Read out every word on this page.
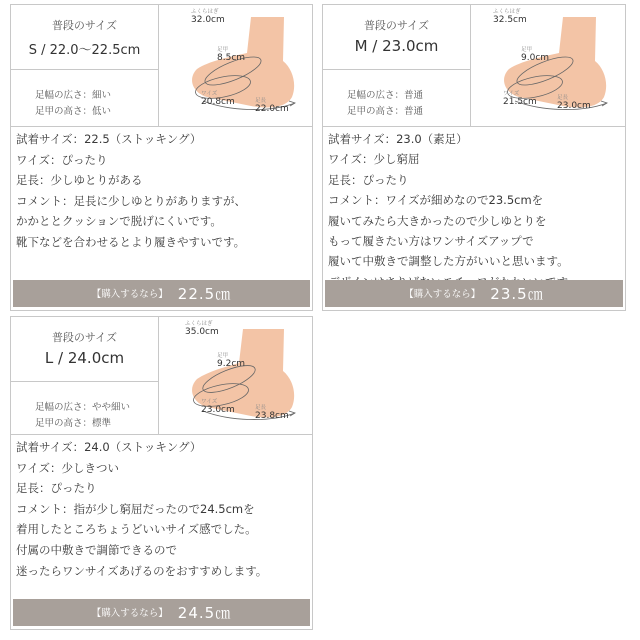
普段のサイズ
S / 22.0〜22.5cm
足幅の広さ：細い
足甲の高さ：低い
ふくらはぎ
32.0cm
足甲
8.5cm
ワイズ
20.8cm	足長
22.0cm
試着サイズ：22.5（ストッキング）
ワイズ：ぴったり
足長：少しゆとりがある
コメント：足長に少しゆとりがありますが、
かかととクッションで脱げにくいです。
靴下などを合わせるとより履きやすいです。
【購入するなら】 22.5㎝
普段のサイズ
M / 23.0cm
足幅の広さ：普通
足甲の高さ：普通
ふくらはぎ
32.5cm
足甲
9.0cm
ワイズ
21.5cm	足長
23.0cm
試着サイズ：23.0（素足）
ワイズ：少し窮屈
足長：ぴったり
コメント：ワイズが細めなので23.5cmを
履いてみたら大きかったので少しゆとりを
もって履きたい方はワンサイズアップで
履いて中敷きで調整した方がいいと思います。
【購入するなら】 23.5㎝
普段のサイズ
L / 24.0cm
足幅の広さ：やや細い
足甲の高さ：標準
ふくらはぎ
35.0cm
足甲
9.2cm
ワイズ
23.0cm	足長
23.8cm
試着サイズ：24.0（ストッキング）
ワイズ：少しきつい
足長：ぴったり
コメント：指が少し窮屈だったので24.5cmを
着用したところちょうどいいサイズ感でした。
付属の中敷きで調節できるので
迷ったらワンサイズあげるのをおすすめします。
【購入するなら】 24.5㎝
